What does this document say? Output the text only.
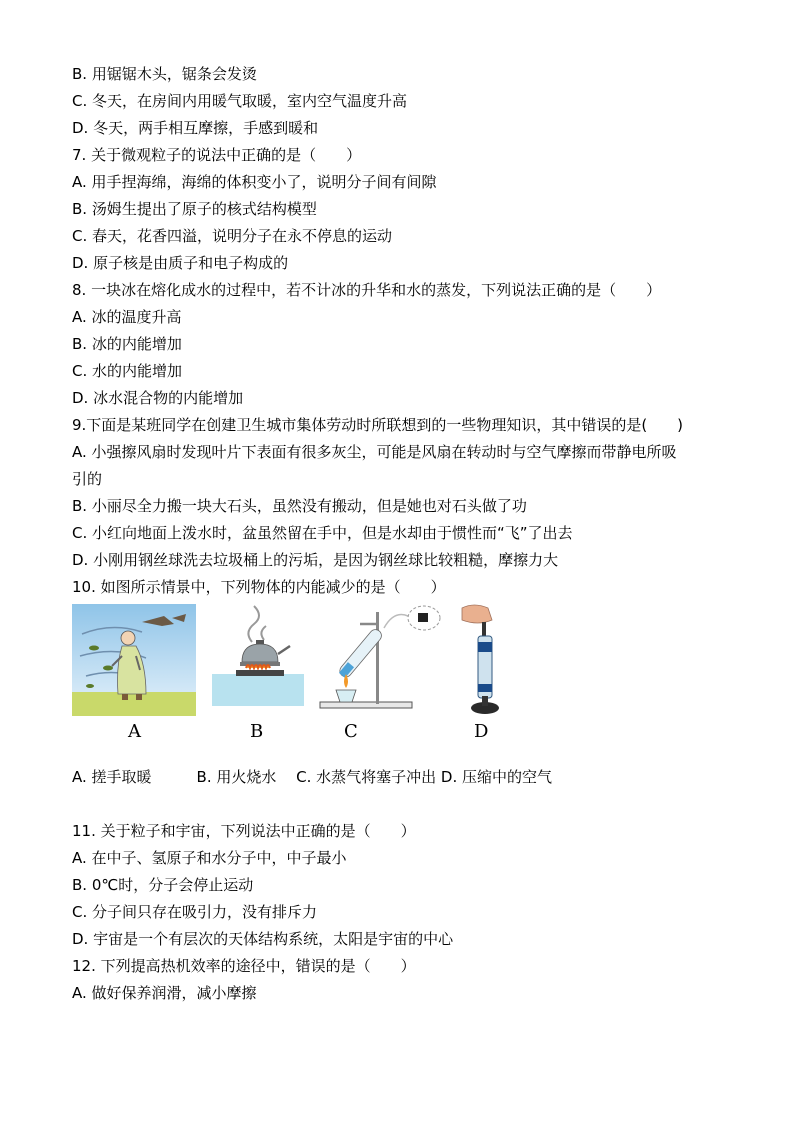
B. 用锯锯木头，锯条会发烫
C. 冬天，在房间内用暖气取暖，室内空气温度升高
D. 冬天，两手相互摩擦，手感到暖和
7. 关于微观粒子的说法中正确的是（　　）
A. 用手捏海绵，海绵的体积变小了，说明分子间有间隙
B. 汤姆生提出了原子的核式结构模型
C. 春天，花香四溢，说明分子在永不停息的运动
D. 原子核是由质子和电子构成的
8. 一块冰在熔化成水的过程中，若不计冰的升华和水的蒸发，下列说法正确的是（　　）
A. 冰的温度升高
B. 冰的内能增加
C. 水的内能增加
D. 冰水混合物的内能增加
9.下面是某班同学在创建卫生城市集体劳动时所联想到的一些物理知识，其中错误的是(　　)
A. 小强擦风扇时发现叶片下表面有很多灰尘，可能是风扇在转动时与空气摩擦而带静电所吸
引的
B. 小丽尽全力搬一块大石头，虽然没有搬动，但是她也对石头做了功
C. 小红向地面上泼水时，盆虽然留在手中，但是水却由于惯性而“飞”了出去
D. 小刚用钢丝球洗去垃圾桶上的污垢，是因为钢丝球比较粗糙，摩擦力大
10. 如图所示情景中，下列物体的内能减少的是（　　）
A	B	C	D
A. 搓手取暖　　　B. 用火烧水　 C. 水蒸气将塞子冲出 D. 压缩中的空气
11. 关于粒子和宇宙，下列说法中正确的是（　　）
A. 在中子、氢原子和水分子中，中子最小
B. 0℃时，分子会停止运动
C. 分子间只存在吸引力，没有排斥力
D. 宇宙是一个有层次的天体结构系统，太阳是宇宙的中心
12. 下列提高热机效率的途径中，错误的是（　　）
A. 做好保养润滑，减小摩擦
